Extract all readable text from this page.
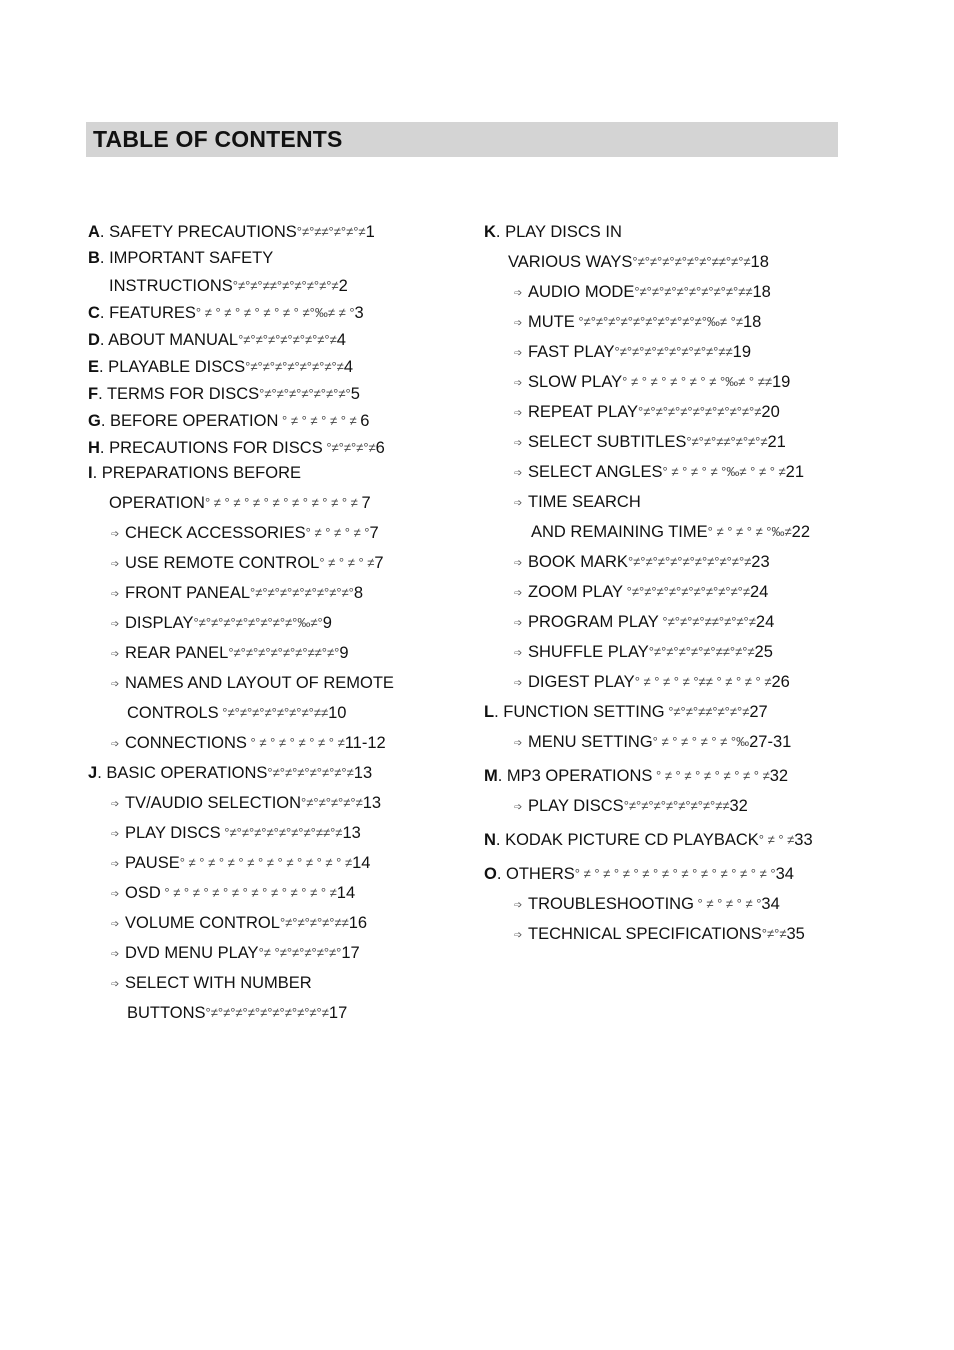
TABLE OF CONTENTS
A. SAFETY PRECAUTIONS°≠°≠≠°≠°≠°≠1
B. IMPORTANT SAFETY
INSTRUCTIONS°≠°≠°≠≠°≠°≠°≠°≠°≠2
C. FEATURES° ≠ ° ≠ ° ≠ ° ≠ ° ≠ ° ≠°‰≠ ≠ °3
D. ABOUT MANUAL°≠°≠°≠°≠°≠°≠°≠°≠4
E. PLAYABLE DISCS°≠°≠°≠°≠°≠°≠°≠°≠4
F. TERMS FOR DISCS°≠°≠°≠°≠°≠°≠°≠°5
G. BEFORE OPERATION ° ≠ ° ≠ ° ≠ ° ≠ 6
H. PRECAUTIONS FOR DISCS °≠°≠°≠°≠6
I. PREPARATIONS BEFORE
OPERATION° ≠ ° ≠ ° ≠ ° ≠ ° ≠ ° ≠ ° ≠ ° ≠ 7
➩ CHECK ACCESSORIES° ≠ ° ≠ ° ≠ °7
➩ USE REMOTE CONTROL° ≠ ° ≠ ° ≠7
➩ FRONT PANEAL°≠°≠°≠°≠°≠°≠°≠°≠°8
➩ DISPLAY°≠°≠°≠°≠°≠°≠°≠°≠°‰≠°9
➩ REAR PANEL°≠°≠°≠°≠°≠°≠°≠≠°≠°9
➩ NAMES AND LAYOUT OF REMOTE
CONTROLS °≠°≠°≠°≠°≠°≠°≠°≠≠10
➩ CONNECTIONS ° ≠ ° ≠ ° ≠ ° ≠ ° ≠11-12
J. BASIC OPERATIONS°≠°≠°≠°≠°≠°≠°≠13
➩ TV/AUDIO SELECTION°≠°≠°≠°≠°≠13
➩ PLAY DISCS °≠°≠°≠°≠°≠°≠°≠°≠≠°≠13
➩ PAUSE° ≠ ° ≠ ° ≠ ° ≠ ° ≠ ° ≠ ° ≠ ° ≠ ° ≠14
➩ OSD ° ≠ ° ≠ ° ≠ ° ≠ ° ≠ ° ≠ ° ≠ ° ≠ ° ≠14
➩ VOLUME CONTROL°≠°≠°≠°≠°≠≠16
➩ DVD MENU PLAY°≠ °≠°≠°≠°≠°≠°17
➩ SELECT WITH NUMBER
BUTTONS°≠°≠°≠°≠°≠°≠°≠°≠°≠°≠17
K. PLAY DISCS IN
VARIOUS WAYS°≠°≠°≠°≠°≠°≠°≠≠°≠°≠18
➩ AUDIO MODE°≠°≠°≠°≠°≠°≠°≠°≠°≠≠18
➩ MUTE °≠°≠°≠°≠°≠°≠°≠°≠°≠°≠°‰≠ °≠18
➩ FAST PLAY°≠°≠°≠°≠°≠°≠°≠°≠°≠≠19
➩ SLOW PLAY° ≠ ° ≠ ° ≠ ° ≠ ° ≠ °‰≠ ° ≠≠19
➩ REPEAT PLAY°≠°≠°≠°≠°≠°≠°≠°≠°≠°≠20
➩ SELECT SUBTITLES°≠°≠°≠≠°≠°≠°≠21
➩ SELECT ANGLES° ≠ ° ≠ ° ≠ °‰≠ ° ≠ ° ≠21
➩ TIME SEARCH
AND REMAINING TIME° ≠ ° ≠ ° ≠ °‰≠22
➩ BOOK MARK°≠°≠°≠°≠°≠°≠°≠°≠°≠°≠23
➩ ZOOM PLAY °≠°≠°≠°≠°≠°≠°≠°≠°≠°≠24
➩ PROGRAM PLAY °≠°≠°≠°≠≠°≠°≠°≠24
➩ SHUFFLE PLAY°≠°≠°≠°≠°≠°≠≠°≠°≠25
➩ DIGEST PLAY° ≠ ° ≠ ° ≠ °≠≠ ° ≠ ° ≠ ° ≠26
L. FUNCTION SETTING °≠°≠°≠≠°≠°≠°≠27
➩ MENU SETTING° ≠ ° ≠ ° ≠ ° ≠ °‰27-31
M. MP3 OPERATIONS ° ≠ ° ≠ ° ≠ ° ≠ ° ≠ ° ≠32
➩ PLAY DISCS°≠°≠°≠°≠°≠°≠°≠°≠≠32
N. KODAK PICTURE CD PLAYBACK° ≠ ° ≠33
O. OTHERS° ≠ ° ≠ ° ≠ ° ≠ ° ≠ ° ≠ ° ≠ ° ≠ ° ≠ ° ≠ °34
➩ TROUBLESHOOTING ° ≠ ° ≠ ° ≠ °34
➩ TECHNICAL SPECIFICATIONS°≠°≠35
